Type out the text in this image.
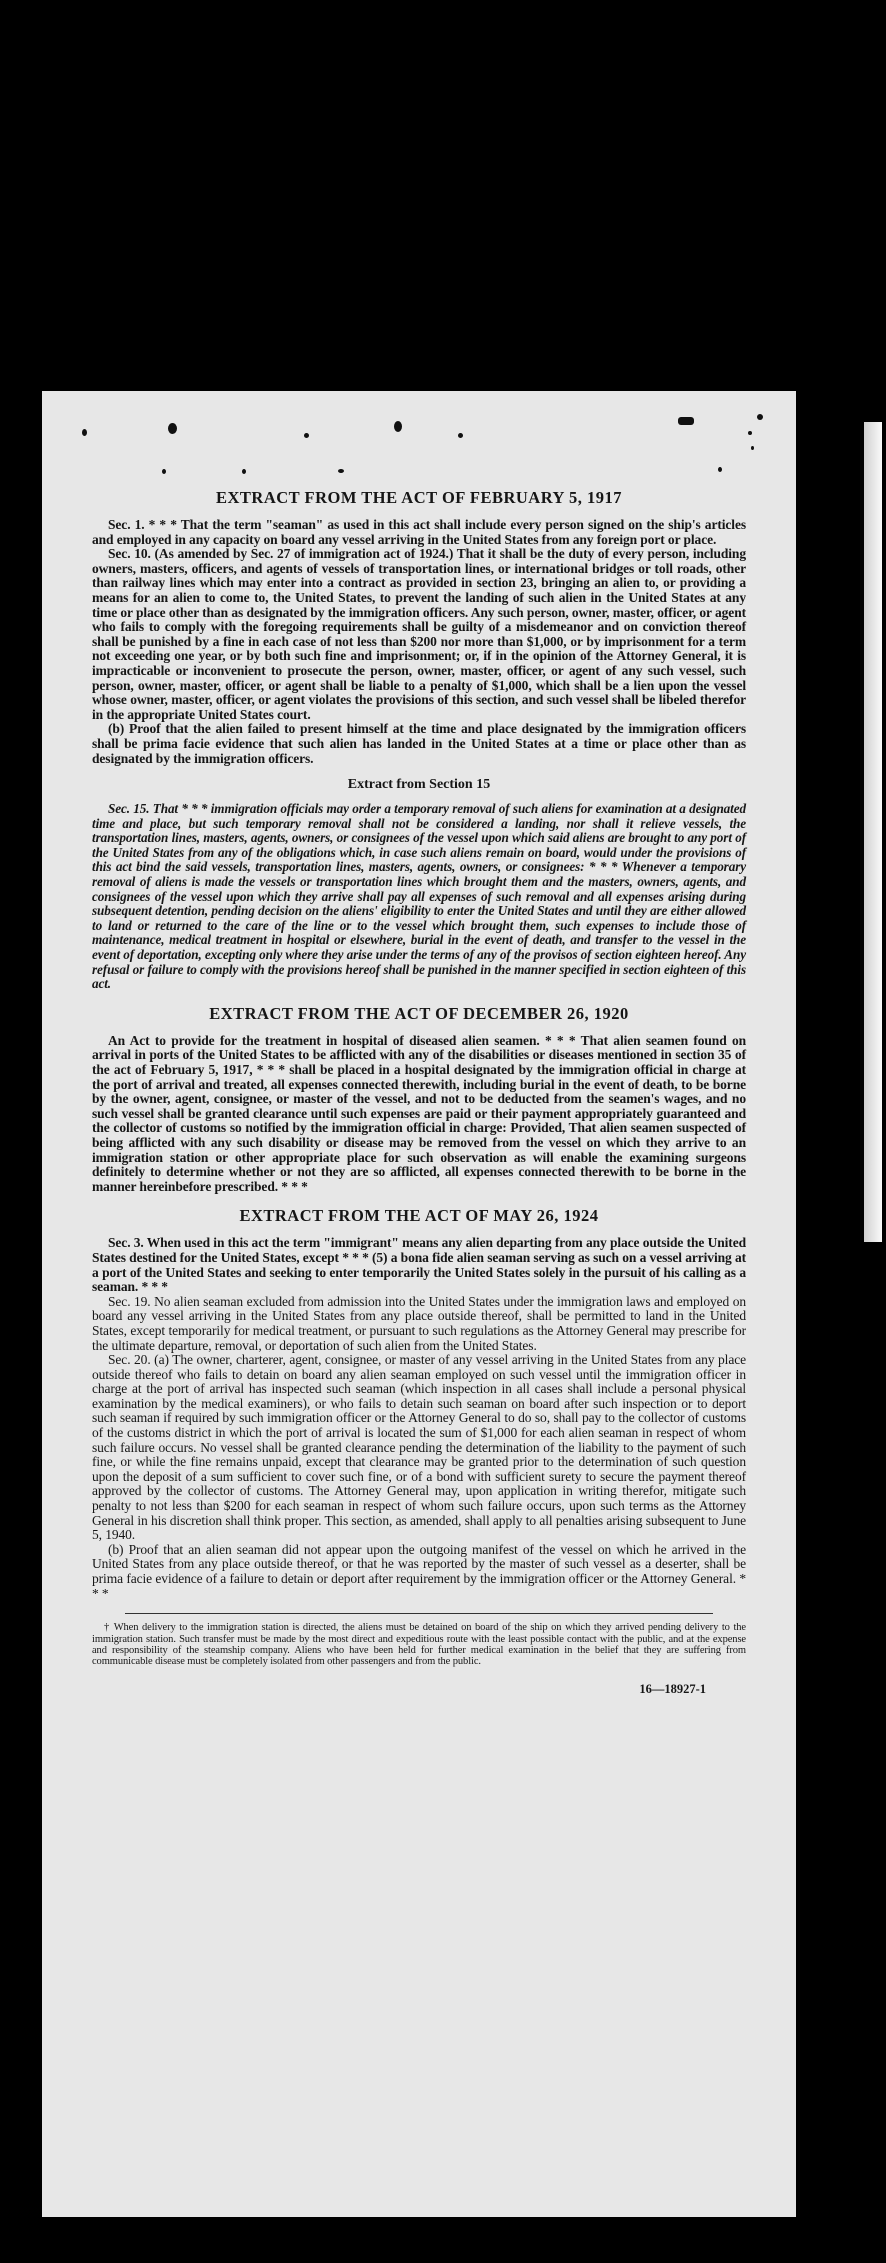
EXTRACT FROM THE ACT OF FEBRUARY 5, 1917

Sec. 1. * * * That the term "seaman" as used in this act shall include every person signed on the ship's articles and employed in any capacity on board any vessel arriving in the United States from any foreign port or place.

Sec. 10. (As amended by Sec. 27 of immigration act of 1924.) That it shall be the duty of every person, including owners, masters, officers, and agents of vessels of transportation lines, or international bridges or toll roads, other than railway lines which may enter into a contract as provided in section 23, bringing an alien to, or providing a means for an alien to come to, the United States, to prevent the landing of such alien in the United States at any time or place other than as designated by the immigration officers. Any such person, owner, master, officer, or agent who fails to comply with the foregoing requirements shall be guilty of a misdemeanor and on conviction thereof shall be punished by a fine in each case of not less than $200 nor more than $1,000, or by imprisonment for a term not exceeding one year, or by both such fine and imprisonment; or, if in the opinion of the Attorney General, it is impracticable or inconvenient to prosecute the person, owner, master, officer, or agent of any such vessel, such person, owner, master, officer, or agent shall be liable to a penalty of $1,000, which shall be a lien upon the vessel whose owner, master, officer, or agent violates the provisions of this section, and such vessel shall be libeled therefor in the appropriate United States court.

(b) Proof that the alien failed to present himself at the time and place designated by the immigration officers shall be prima facie evidence that such alien has landed in the United States at a time or place other than as designated by the immigration officers.

Extract from Section 15

Sec. 15. That * * * immigration officials may order a temporary removal of such aliens for examination at a designated time and place, but such temporary removal shall not be considered a landing, nor shall it relieve vessels, the transportation lines, masters, agents, owners, or consignees of the vessel upon which said aliens are brought to any port of the United States from any of the obligations which, in case such aliens remain on board, would under the provisions of this act bind the said vessels, transportation lines, masters, agents, owners, or consignees: * * * Whenever a temporary removal of aliens is made the vessels or transportation lines which brought them and the masters, owners, agents, and consignees of the vessel upon which they arrive shall pay all expenses of such removal and all expenses arising during subsequent detention, pending decision on the aliens' eligibility to enter the United States and until they are either allowed to land or returned to the care of the line or to the vessel which brought them, such expenses to include those of maintenance, medical treatment in hospital or elsewhere, burial in the event of death, and transfer to the vessel in the event of deportation, excepting only where they arise under the terms of any of the provisos of section eighteen hereof. Any refusal or failure to comply with the provisions hereof shall be punished in the manner specified in section eighteen of this act.

EXTRACT FROM THE ACT OF DECEMBER 26, 1920

An Act to provide for the treatment in hospital of diseased alien seamen. * * * That alien seamen found on arrival in ports of the United States to be afflicted with any of the disabilities or diseases mentioned in section 35 of the act of February 5, 1917, * * * shall be placed in a hospital designated by the immigration official in charge at the port of arrival and treated, all expenses connected therewith, including burial in the event of death, to be borne by the owner, agent, consignee, or master of the vessel, and not to be deducted from the seamen's wages, and no such vessel shall be granted clearance until such expenses are paid or their payment appropriately guaranteed and the collector of customs so notified by the immigration official in charge: Provided, That alien seamen suspected of being afflicted with any such disability or disease may be removed from the vessel on which they arrive to an immigration station or other appropriate place for such observation as will enable the examining surgeons definitely to determine whether or not they are so afflicted, all expenses connected therewith to be borne in the manner hereinbefore prescribed. * * *

EXTRACT FROM THE ACT OF MAY 26, 1924

Sec. 3. When used in this act the term "immigrant" means any alien departing from any place outside the United States destined for the United States, except * * * (5) a bona fide alien seaman serving as such on a vessel arriving at a port of the United States and seeking to enter temporarily the United States solely in the pursuit of his calling as a seaman. * * *

Sec. 19. No alien seaman excluded from admission into the United States under the immigration laws and employed on board any vessel arriving in the United States from any place outside thereof, shall be permitted to land in the United States, except temporarily for medical treatment, or pursuant to such regulations as the Attorney General may prescribe for the ultimate departure, removal, or deportation of such alien from the United States.

Sec. 20. (a) The owner, charterer, agent, consignee, or master of any vessel arriving in the United States from any place outside thereof who fails to detain on board any alien seaman employed on such vessel until the immigration officer in charge at the port of arrival has inspected such seaman (which inspection in all cases shall include a personal physical examination by the medical examiners), or who fails to detain such seaman on board after such inspection or to deport such seaman if required by such immigration officer or the Attorney General to do so, shall pay to the collector of customs of the customs district in which the port of arrival is located the sum of $1,000 for each alien seaman in respect of whom such failure occurs. No vessel shall be granted clearance pending the determination of the liability to the payment of such fine, or while the fine remains unpaid, except that clearance may be granted prior to the determination of such question upon the deposit of a sum sufficient to cover such fine, or of a bond with sufficient surety to secure the payment thereof approved by the collector of customs. The Attorney General may, upon application in writing therefor, mitigate such penalty to not less than $200 for each seaman in respect of whom such failure occurs, upon such terms as the Attorney General in his discretion shall think proper. This section, as amended, shall apply to all penalties arising subsequent to June 5, 1940.

(b) Proof that an alien seaman did not appear upon the outgoing manifest of the vessel on which he arrived in the United States from any place outside thereof, or that he was reported by the master of such vessel as a deserter, shall be prima facie evidence of a failure to detain or deport after requirement by the immigration officer or the Attorney General. * * *

† When delivery to the immigration station is directed, the aliens must be detained on board of the ship on which they arrived pending delivery to the immigration station. Such transfer must be made by the most direct and expeditious route with the least possible contact with the public, and at the expense and responsibility of the steamship company. Aliens who have been held for further medical examination in the belief that they are suffering from communicable disease must be completely isolated from other passengers and from the public.

16—18927-1
